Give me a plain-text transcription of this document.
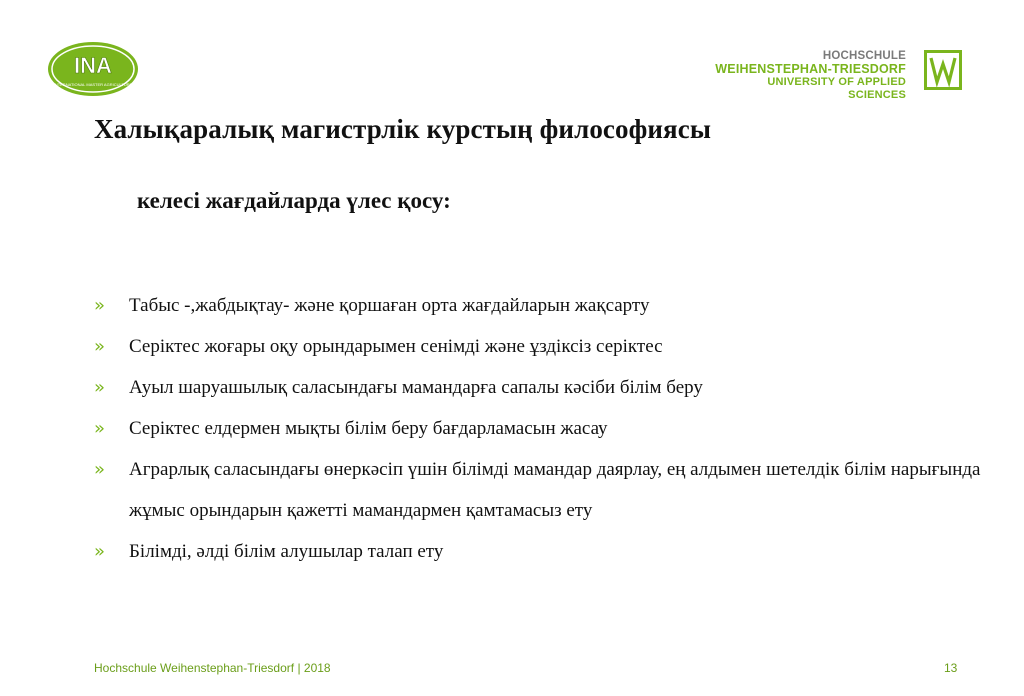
INA
INTERNATIONAL MASTER AGRICULTURE
HOCHSCHULE
WEIHENSTEPHAN-TRIESDORF
UNIVERSITY OF APPLIED SCIENCES
Халықаралық магистрлік курстың философиясы
келесі жағдайларда үлес қосу:
» Табыс -,жабдықтау- және қоршаған орта жағдайларын жақсарту
» Серіктес жоғары оқу орындарымен сенімді және ұздіксіз серіктес
» Ауыл шаруашылық саласындағы мамандарға сапалы кәсіби білім беру
» Серіктес елдермен мықты білім беру бағдарламасын жасау
» Аграрлық саласындағы өнеркәсіп үшін білімді мамандар даярлау, ең алдымен шетелдік білім нарығында жұмыс орындарын қажетті мамандармен қамтамасыз ету
» Білімді, әлді білім алушылар талап ету
Hochschule Weihenstephan-Triesdorf | 2018	13
